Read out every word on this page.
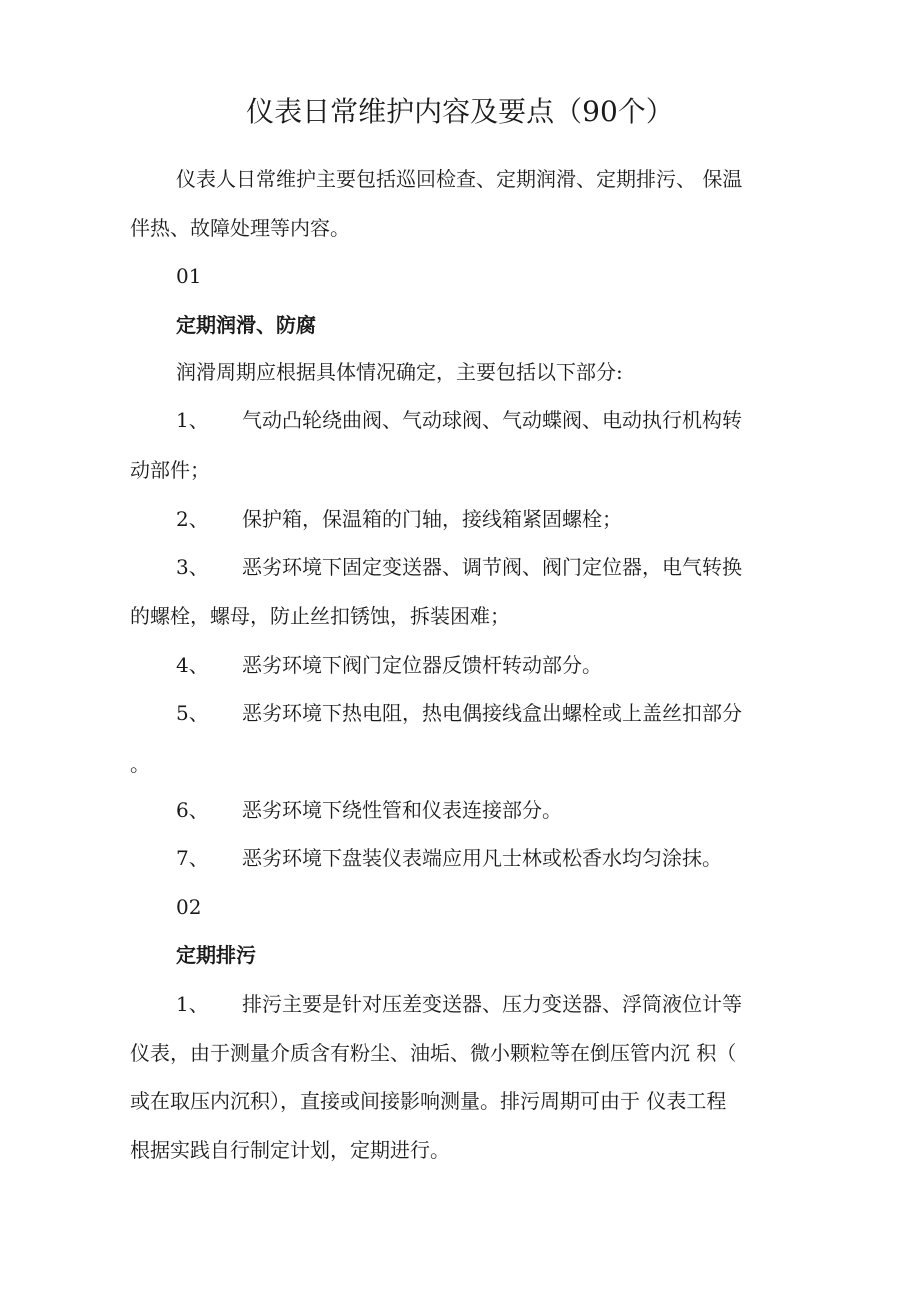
仪表日常维护内容及要点（90个）
仪表人日常维护主要包括巡回检查、定期润滑、定期排污、 保温
伴热、故障处理等内容。
01
定期润滑、防腐
润滑周期应根据具体情况确定，主要包括以下部分:
1、 气动凸轮绕曲阀、气动球阀、气动蝶阀、电动执行机构转
动部件；
2、 保护箱，保温箱的门轴，接线箱紧固螺栓；
3、 恶劣环境下固定变送器、调节阀、阀门定位器，电气转换
的螺栓，螺母，防止丝扣锈蚀，拆装困难；
4、 恶劣环境下阀门定位器反馈杆转动部分。
5、 恶劣环境下热电阻，热电偶接线盒出螺栓或上盖丝扣部分
。
6、 恶劣环境下绕性管和仪表连接部分。
7、 恶劣环境下盘装仪表端应用凡士林或松香水均匀涂抹。
02
定期排污
1、 排污主要是针对压差变送器、压力变送器、浮筒液位计等
仪表，由于测量介质含有粉尘、油垢、微小颗粒等在倒压管内沉 积（
或在取压内沉积），直接或间接影响测量。排污周期可由于 仪表工程
根据实践自行制定计划，定期进行。
